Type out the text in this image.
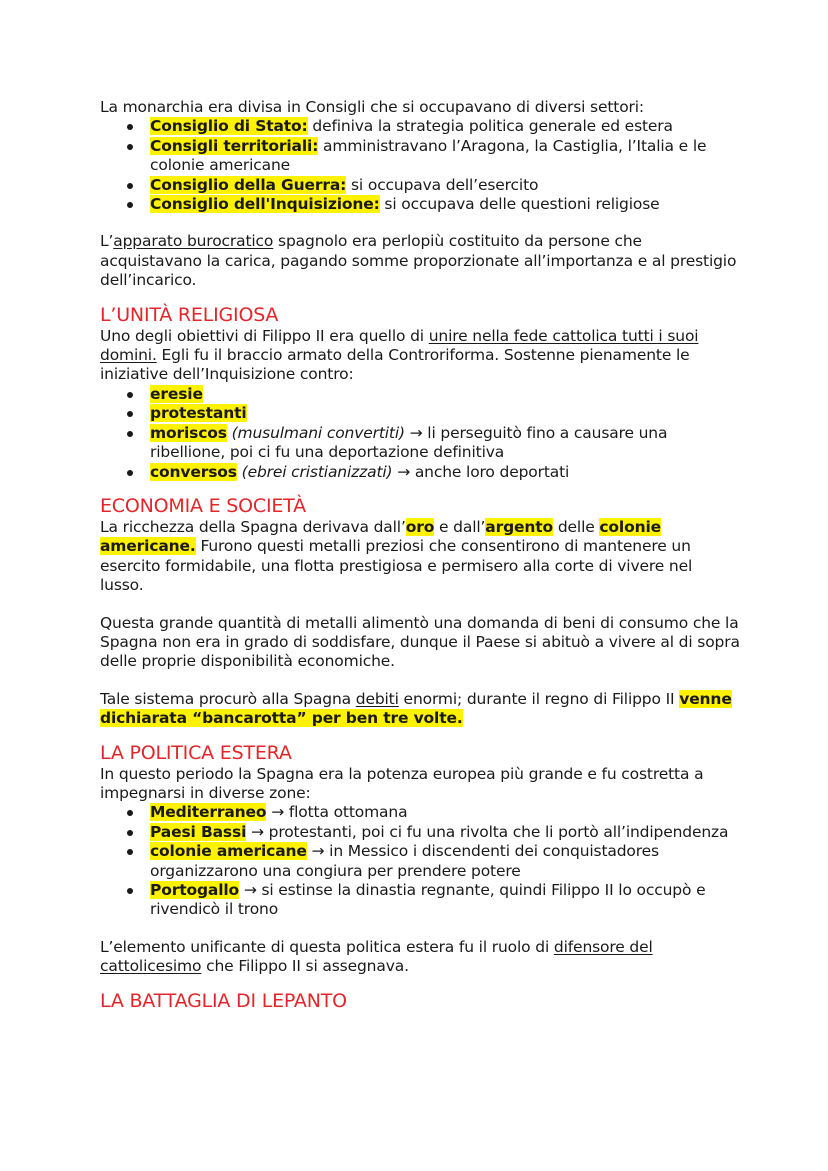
La monarchia era divisa in Consigli che si occupavano di diversi settori:

Consiglio di Stato: definiva la strategia politica generale ed estera
Consigli territoriali: amministravano l’Aragona, la Castiglia, l’Italia e le colonie americane
Consiglio della Guerra: si occupava dell’esercito
Consiglio dell'Inquisizione: si occupava delle questioni religiose

L’apparato burocratico spagnolo era perlopiù costituito da persone che acquistavano la carica, pagando somme proporzionate all’importanza e al prestigio dell’incarico.

L’UNITÀ RELIGIOSA

Uno degli obiettivi di Filippo II era quello di unire nella fede cattolica tutti i suoi domini. Egli fu il braccio armato della Controriforma. Sostenne pienamente le iniziative dell’Inquisizione contro:

eresie
protestanti
moriscos (musulmani convertiti) → li perseguitò fino a causare una ribellione, poi ci fu una deportazione definitiva
conversos (ebrei cristianizzati) → anche loro deportati
ECONOMIA E SOCIETÀ

La ricchezza della Spagna derivava dall’oro e dall’argento delle colonie americane. Furono questi metalli preziosi che consentirono di mantenere un esercito formidabile, una flotta prestigiosa e permisero alla corte di vivere nel lusso.

Questa grande quantità di metalli alimentò una domanda di beni di consumo che la Spagna non era in grado di soddisfare, dunque il Paese si abituò a vivere al di sopra delle proprie disponibilità economiche.

Tale sistema procurò alla Spagna debiti enormi; durante il regno di Filippo II venne dichiarata “bancarotta” per ben tre volte.

LA POLITICA ESTERA

In questo periodo la Spagna era la potenza europea più grande e fu costretta a impegnarsi in diverse zone:

Mediterraneo → flotta ottomana
Paesi Bassi → protestanti, poi ci fu una rivolta che li portò all’indipendenza
colonie americane → in Messico i discendenti dei conquistadores organizzarono una congiura per prendere potere
Portogallo → si estinse la dinastia regnante, quindi Filippo II lo occupò e rivendicò il trono

L’elemento unificante di questa politica estera fu il ruolo di difensore del cattolicesimo che Filippo II si assegnava.

LA BATTAGLIA DI LEPANTO
